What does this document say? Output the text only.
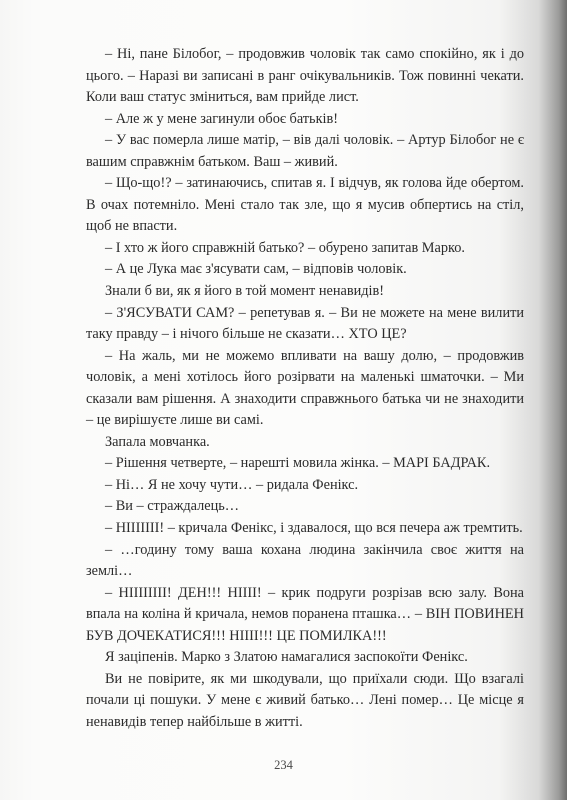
– Ні, пане Білобог, – продовжив чоловік так само спокійно, як і до цього. – Наразі ви записані в ранг очікувальників. Тож повинні чекати. Коли ваш статус зміниться, вам прийде лист.

– Але ж у мене загинули обоє батьків!

– У вас померла лише матір, – вів далі чоловік. – Артур Білобог не є вашим справжнім батьком. Ваш – живий.

– Що-що!? – затинаючись, спитав я. І відчув, як голова йде обертом. В очах потемніло. Мені стало так зле, що я мусив обпертись на стіл, щоб не впасти.

– І хто ж його справжній батько? – обурено запитав Марко.

– А це Лука має з'ясувати сам, – відповів чоловік.

Знали б ви, як я його в той момент ненавидів!

– З'ЯСУВАТИ САМ? – репетував я. – Ви не можете на мене вилити таку правду – і нічого більше не сказати… ХТО ЦЕ?

– На жаль, ми не можемо впливати на вашу долю, – продовжив чоловік, а мені хотілось його розірвати на маленькі шматочки. – Ми сказали вам рішення. А знаходити справжнього батька чи не знаходити – це вирішуєте лише ви самі.

Запала мовчанка.

– Рішення четверте, – нарешті мовила жінка. – МАРІ БАДРАК.

– Ні… Я не хочу чути… – ридала Фенікс.

– Ви – страждалець…

– НІІІІІІІ! – кричала Фенікс, і здавалося, що вся печера аж тремтить.

– …годину тому ваша кохана людина закінчила своє життя на землі…

– НІІІІІІІІ! ДЕН!!! НІІІІ! – крик подруги розрізав всю залу. Вона впала на коліна й кричала, немов поранена пташка… – ВІН ПОВИНЕН БУВ ДОЧЕКАТИСЯ!!! НІІІІ!!! ЦЕ ПОМИЛКА!!!

Я заціпенів. Марко з Златою намагалися заспокоїти Фенікс.

Ви не повірите, як ми шкодували, що приїхали сюди. Що взагалі почали ці пошуки. У мене є живий батько… Лені помер… Це місце я ненавидів тепер найбільше в житті.

234
